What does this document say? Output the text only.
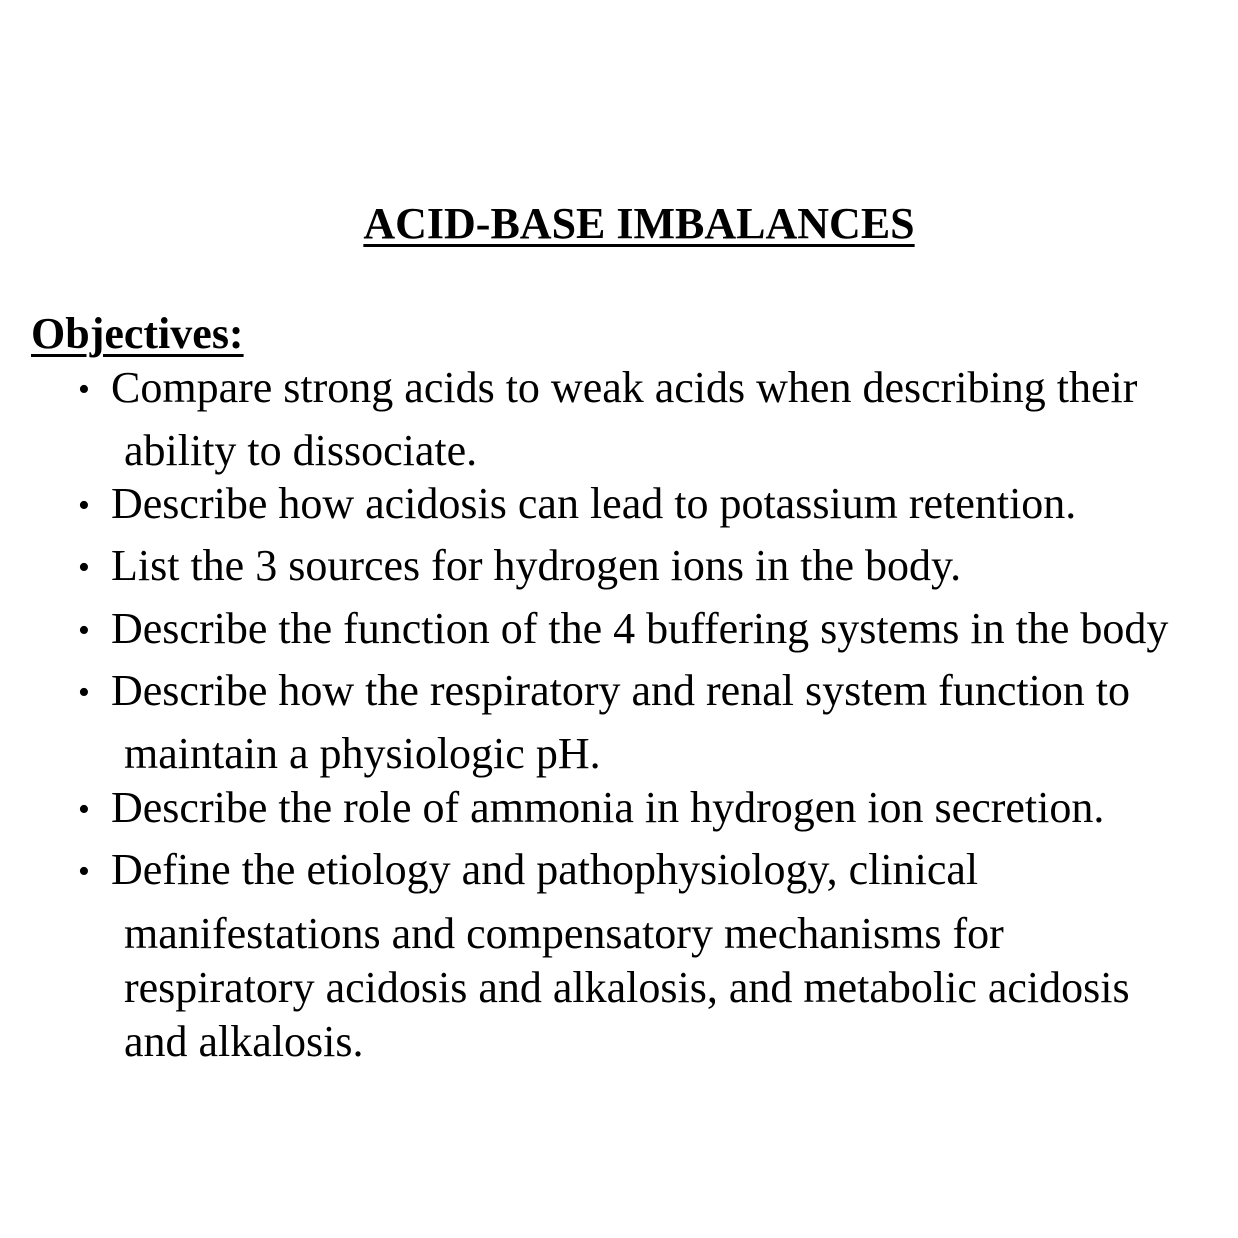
ACID-BASE IMBALANCES
Objectives:
• Compare strong acids to weak acids when describing their
ability to dissociate.
• Describe how acidosis can lead to potassium retention.
• List the 3 sources for hydrogen ions in the body.
• Describe the function of the 4 buffering systems in the body
• Describe how the respiratory and renal system function to
maintain a physiologic pH.
• Describe the role of ammonia in hydrogen ion secretion.
• Define the etiology and pathophysiology, clinical
manifestations and compensatory mechanisms for
respiratory acidosis and alkalosis, and metabolic acidosis
and alkalosis.
